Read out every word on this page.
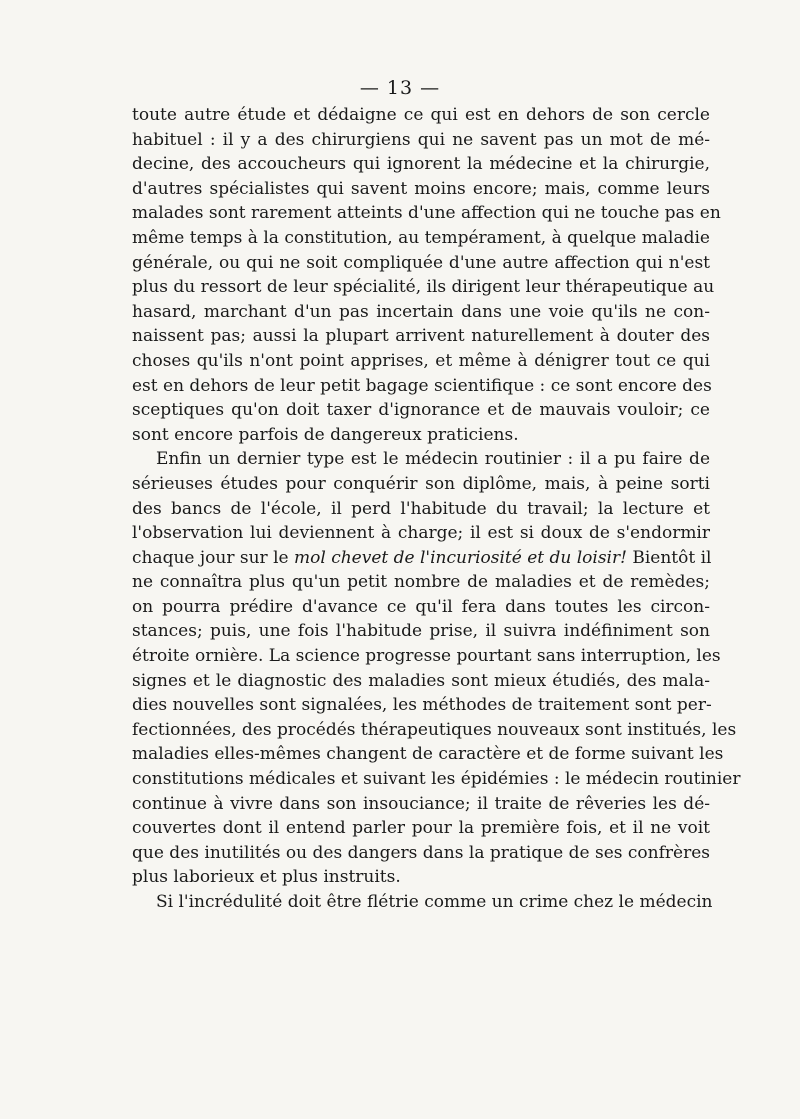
— 13 —
toute autre étude et dédaigne ce qui est en dehors de son cercle
habituel : il y a des chirurgiens qui ne savent pas un mot de mé-
decine, des accoucheurs qui ignorent la médecine et la chirurgie,
d'autres spécialistes qui savent moins encore; mais, comme leurs
malades sont rarement atteints d'une affection qui ne touche pas en
même temps à la constitution, au tempérament, à quelque maladie
générale, ou qui ne soit compliquée d'une autre affection qui n'est
plus du ressort de leur spécialité, ils dirigent leur thérapeutique au
hasard, marchant d'un pas incertain dans une voie qu'ils ne con-
naissent pas; aussi la plupart arrivent naturellement à douter des
choses qu'ils n'ont point apprises, et même à dénigrer tout ce qui
est en dehors de leur petit bagage scientifique : ce sont encore des
sceptiques qu'on doit taxer d'ignorance et de mauvais vouloir; ce
sont encore parfois de dangereux praticiens.
Enfin un dernier type est le médecin routinier : il a pu faire de
sérieuses études pour conquérir son diplôme, mais, à peine sorti
des bancs de l'école, il perd l'habitude du travail; la lecture et
l'observation lui deviennent à charge; il est si doux de s'endormir
chaque jour sur le mol chevet de l'incuriosité et du loisir! Bientôt il
ne connaîtra plus qu'un petit nombre de maladies et de remèdes;
on pourra prédire d'avance ce qu'il fera dans toutes les circon-
stances; puis, une fois l'habitude prise, il suivra indéfiniment son
étroite ornière. La science progresse pourtant sans interruption, les
signes et le diagnostic des maladies sont mieux étudiés, des mala-
dies nouvelles sont signalées, les méthodes de traitement sont per-
fectionnées, des procédés thérapeutiques nouveaux sont institués, les
maladies elles-mêmes changent de caractère et de forme suivant les
constitutions médicales et suivant les épidémies : le médecin routinier
continue à vivre dans son insouciance; il traite de rêveries les dé-
couvertes dont il entend parler pour la première fois, et il ne voit
que des inutilités ou des dangers dans la pratique de ses confrères
plus laborieux et plus instruits.
Si l'incrédulité doit être flétrie comme un crime chez le médecin
